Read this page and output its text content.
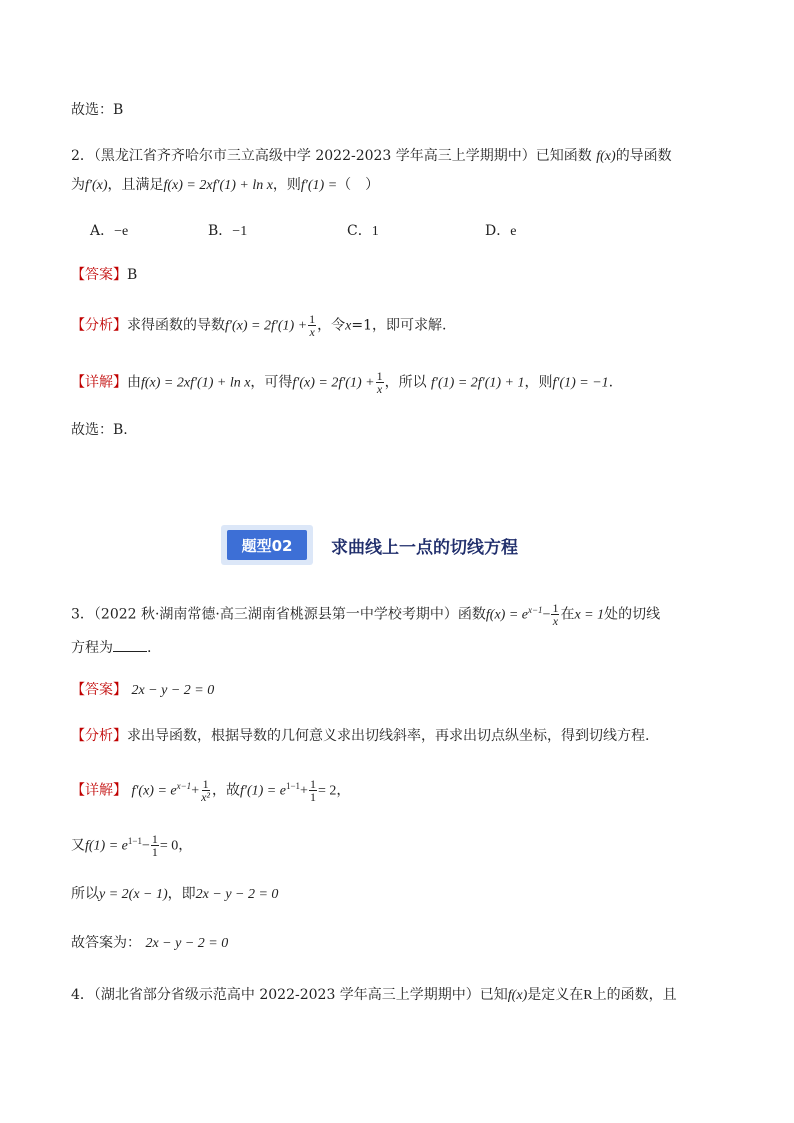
故选：B
2．（黑龙江省齐齐哈尔市三立高级中学 2022-2023 学年高三上学期期中）已知函数 f(x)的导函数
为f′(x)，且满足f(x) = 2xf′(1) + ln x，则f′(1) =（　）
A．−e	B．−1	C．1	D．e
【答案】B
【分析】求得函数的导数$f'(x) = 2f'(1) + \frac{1}{x}$ ，令x=1，即可求解.
【详解】由f(x) = 2xf′(1) + ln x，可得$f'(x) = 2f'(1) + \frac{1}{x}$ ，所以 f′(1) = 2f′(1) + 1，则f′(1) = −1.
故选：B.
题型02	求曲线上一点的切线方程
3．（2022 秋·湖南常德·高三湖南省桃源县第一中学校考期中）函数$f(x) = e^{x-1}- \frac{1}{x}$ 在x = 1处的切线
方程为 .
【答案】 2x − y − 2 = 0
【分析】求出导函数，根据导数的几何意义求出切线斜率，再求出切点纵坐标，得到切线方程.
【详解】 $f'(x) = e^{x-1}+ \frac{1}{\text{x²}}$ ，故$f'(1) = e^{1-1}+ \frac{1}{1} = 2$，
又$f(1) = e^{1-1}- \frac{1}{1} = 0$，
所以y = 2(x − 1)，即2x − y − 2 = 0
故答案为： 2x − y − 2 = 0
4．（湖北省部分省级示范高中 2022-2023 学年高三上学期期中）已知f(x)是定义在R上的函数，且
